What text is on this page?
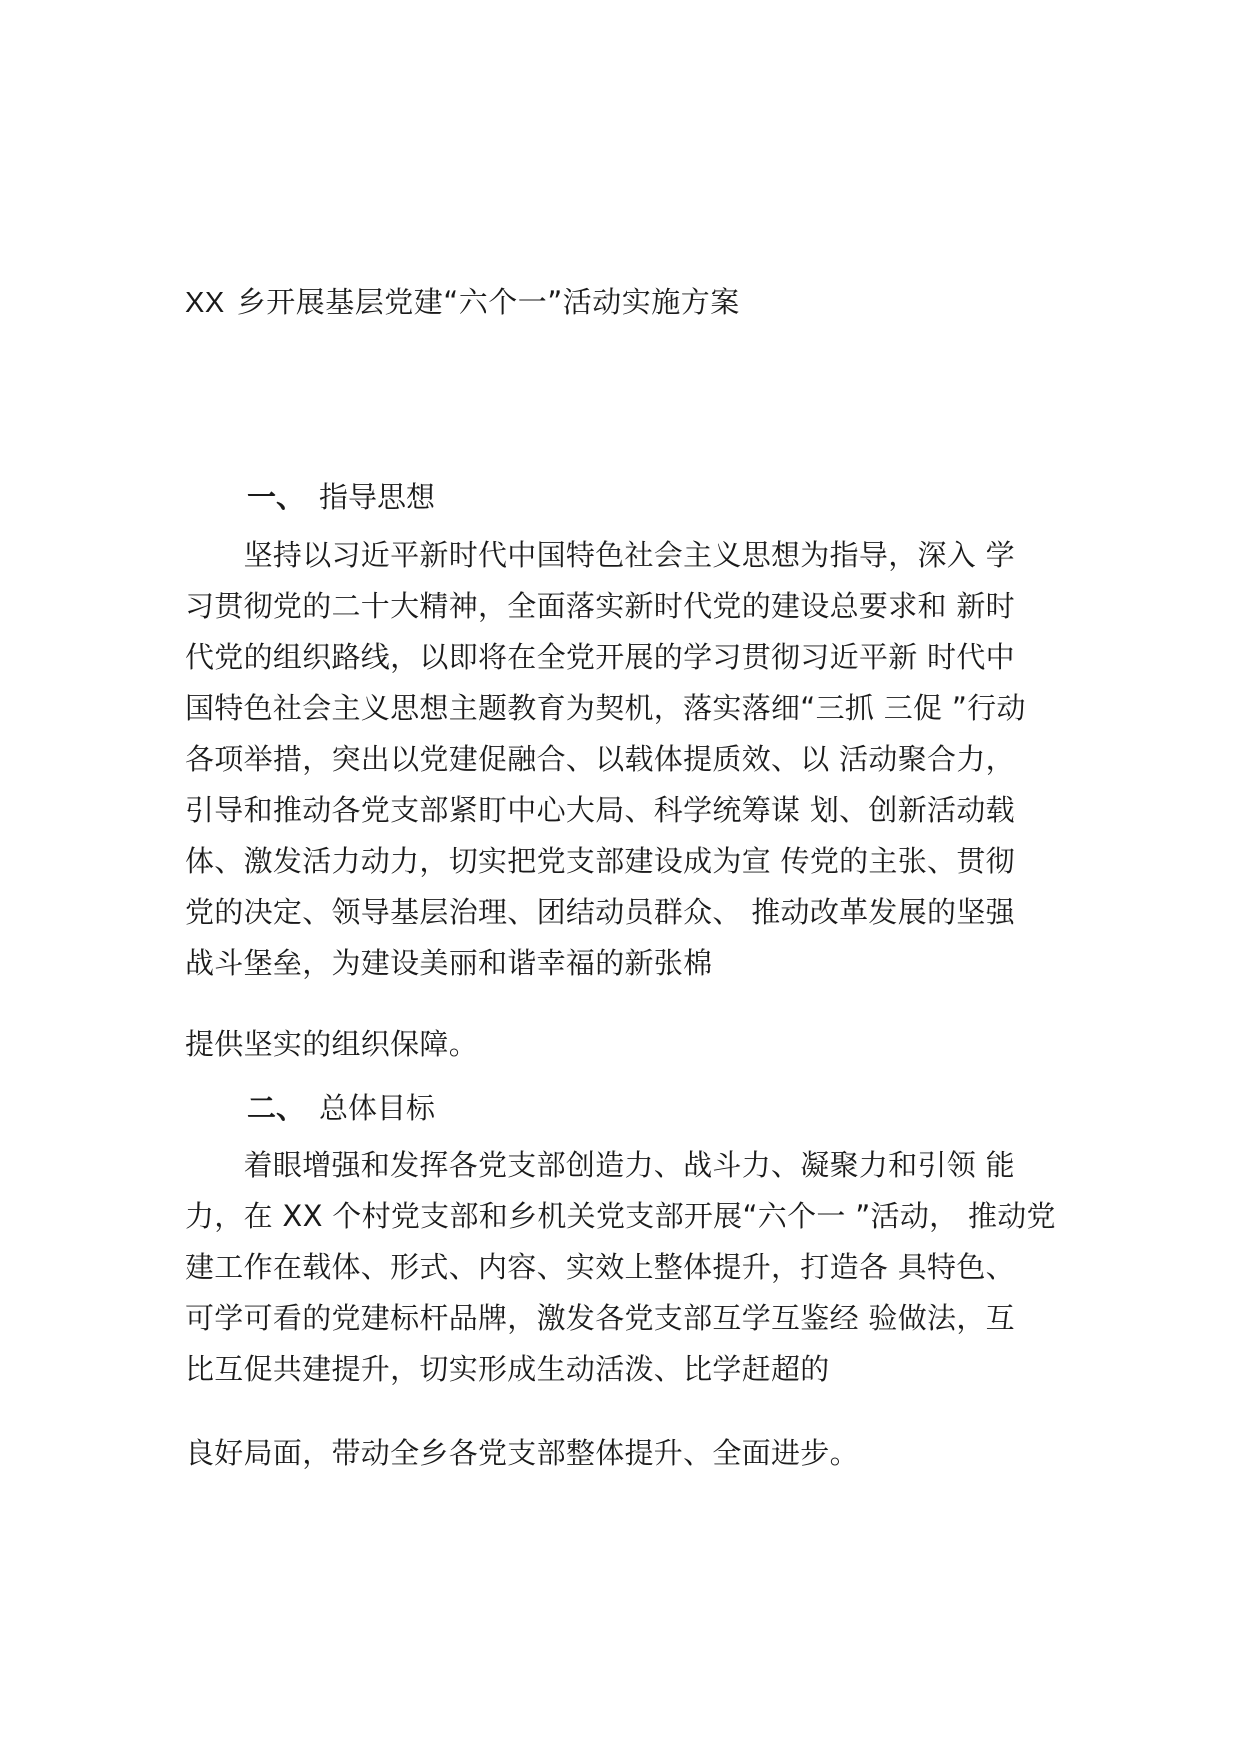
XX 乡开展基层党建“六个一”活动实施方案
一、 指导思想
　　坚持以习近平新时代中国特色社会主义思想为指导，深入 学
习贯彻党的二十大精神，全面落实新时代党的建设总要求和 新时
代党的组织路线，以即将在全党开展的学习贯彻习近平新 时代中
国特色社会主义思想主题教育为契机，落实落细“三抓 三促 ”行动
各项举措，突出以党建促融合、以载体提质效、以 活动聚合力，
引导和推动各党支部紧盯中心大局、科学统筹谋 划、创新活动载
体、激发活力动力，切实把党支部建设成为宣 传党的主张、贯彻
党的决定、领导基层治理、团结动员群众、 推动改革发展的坚强
战斗堡垒，为建设美丽和谐幸福的新张棉
提供坚实的组织保障。
二、 总体目标
　　着眼增强和发挥各党支部创造力、战斗力、凝聚力和引领 能
力，在 XX 个村党支部和乡机关党支部开展“六个一 ”活动， 推动党
建工作在载体、形式、内容、实效上整体提升，打造各 具特色、
可学可看的党建标杆品牌，激发各党支部互学互鉴经 验做法，互
比互促共建提升，切实形成生动活泼、比学赶超的
良好局面，带动全乡各党支部整体提升、全面进步。
